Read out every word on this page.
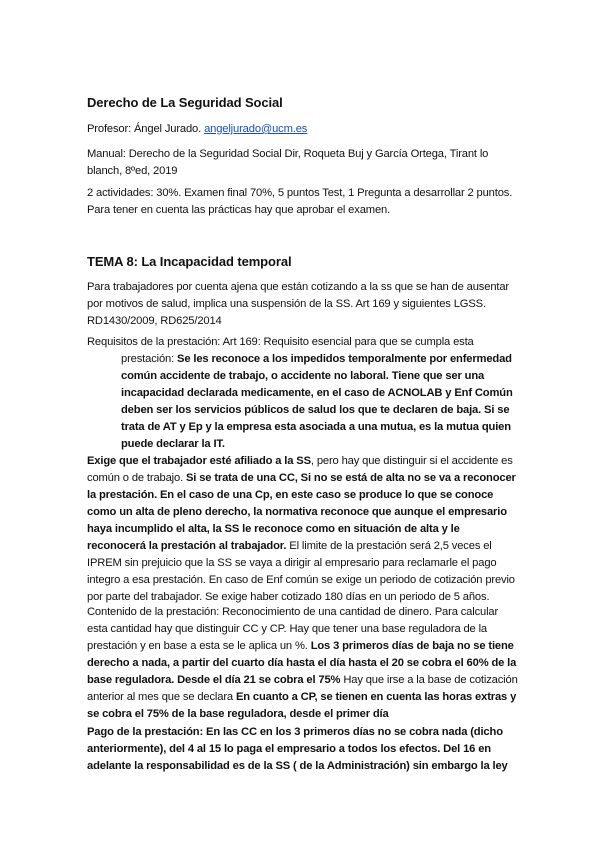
Derecho de La Seguridad Social
Profesor: Ángel Jurado. angeljurado@ucm.es
Manual: Derecho de la Seguridad Social Dir, Roqueta Buj y García Ortega, Tirant lo blanch, 8ºed, 2019
2 actividades: 30%. Examen final 70%, 5 puntos Test, 1 Pregunta a desarrollar 2 puntos. Para tener en cuenta las prácticas hay que aprobar el examen.
TEMA 8: La Incapacidad temporal
Para trabajadores por cuenta ajena que están cotizando a la ss que se han de ausentar por motivos de salud, implica una suspensión de la SS. Art 169 y siguientes LGSS. RD1430/2009, RD625/2014
Requisitos de la prestación: Art 169: Requisito esencial para que se cumpla esta
prestación: Se les reconoce a los impedidos temporalmente por enfermedad común accidente de trabajo, o accidente no laboral. Tiene que ser una incapacidad declarada medicamente, en el caso de ACNOLAB y Enf Común deben ser los servicios públicos de salud los que te declaren de baja. Si se trata de AT y Ep y la empresa esta asociada a una mutua, es la mutua quien puede declarar la IT.
Exige que el trabajador esté afiliado a la SS, pero hay que distinguir si el accidente es común o de trabajo. Si se trata de una CC, Si no se está de alta no se va a reconocer la prestación. En el caso de una Cp, en este caso se produce lo que se conoce como un alta de pleno derecho, la normativa reconoce que aunque el empresario haya incumplido el alta, la SS le reconoce como en situación de alta y le reconocerá la prestación al trabajador. El limite de la prestación será 2,5 veces el IPREM sin prejuicio que la SS se vaya a dirigir al empresario para reclamarle el pago integro a esa prestación. En caso de Enf común se exige un periodo de cotización previo por parte del trabajador. Se exige haber cotizado 180 días en un periodo de 5 años.
Contenido de la prestación: Reconocimiento de una cantidad de dinero. Para calcular esta cantidad hay que distinguir CC y CP. Hay que tener una base reguladora de la prestación y en base a esta se le aplica un %. Los 3 primeros días de baja no se tiene derecho a nada, a partir del cuarto día hasta el día hasta el 20 se cobra el 60% de la base reguladora. Desde el día 21 se cobra el 75% Hay que irse a la base de cotización anterior al mes que se declara En cuanto a CP, se tienen en cuenta las horas extras y se cobra el 75% de la base reguladora, desde el primer día
Pago de la prestación: En las CC en los 3 primeros días no se cobra nada (dicho anteriormente), del 4 al 15 lo paga el empresario a todos los efectos. Del 16 en adelante la responsabilidad es de la SS ( de la Administración) sin embargo la ley
